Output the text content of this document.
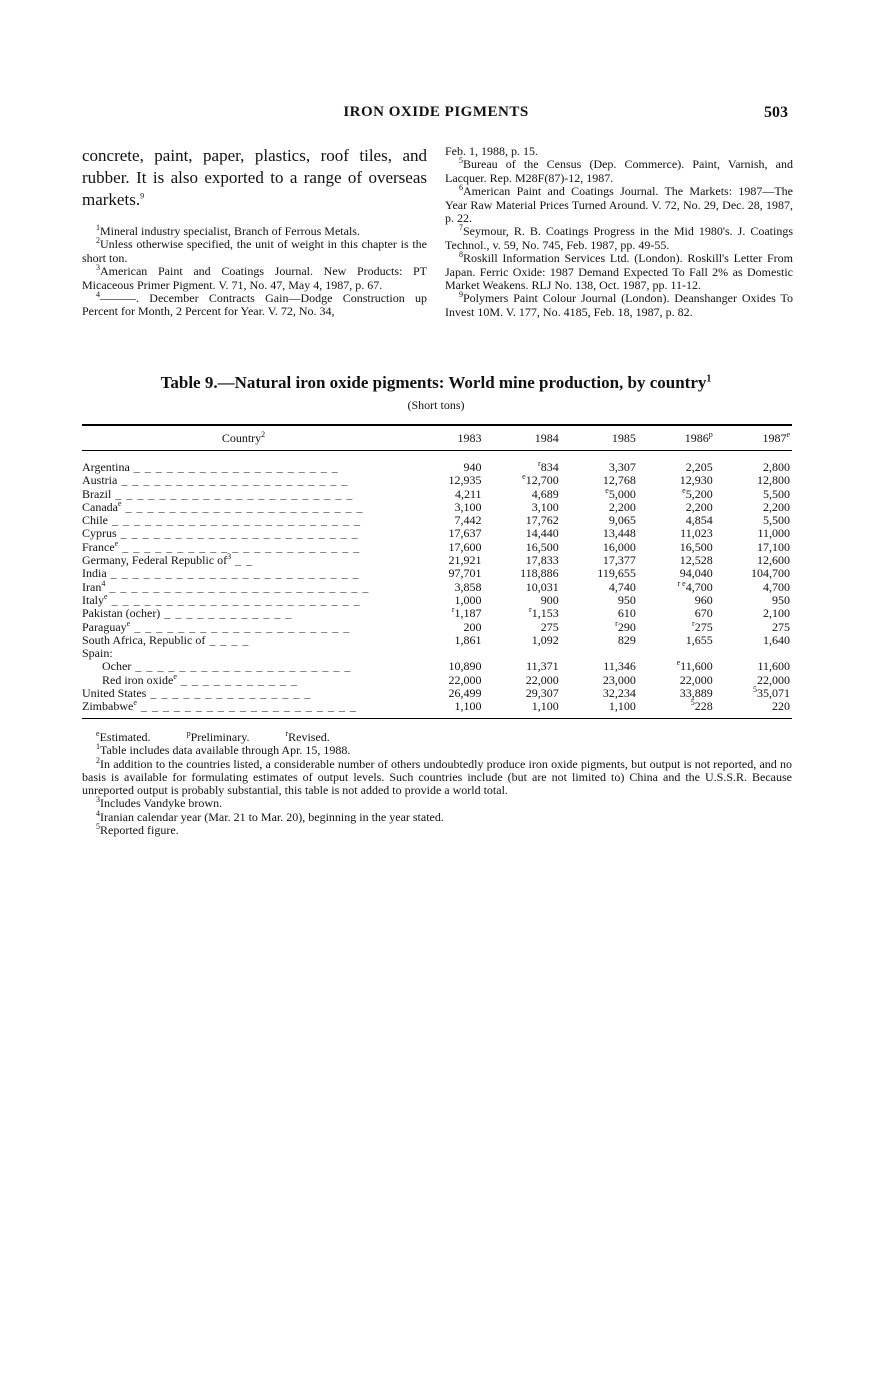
IRON OXIDE PIGMENTS	503

concrete, paint, paper, plastics, roof tiles, and rubber. It is also exported to a range of overseas markets.$^9$

$^1$Mineral industry specialist, Branch of Ferrous Metals.

$^2$Unless otherwise specified, the unit of weight in this chapter is the short ton.

$^3$American Paint and Coatings Journal. New Products: PT Micaceous Primer Pigment. V. 71, No. 47, May 4, 1987, p. 67.

$^4$———. December Contracts Gain—Dodge Construction up Percent for Month, 2 Percent for Year. V. 72, No. 34,

Feb. 1, 1988, p. 15.

$^5$Bureau of the Census (Dep. Commerce). Paint, Varnish, and Lacquer. Rep. M28F(87)-12, 1987.

$^6$American Paint and Coatings Journal. The Markets: 1987—The Year Raw Material Prices Turned Around. V. 72, No. 29, Dec. 28, 1987, p. 22.

$^7$Seymour, R. B. Coatings Progress in the Mid 1980's. J. Coatings Technol., v. 59, No. 745, Feb. 1987, pp. 49-55.

$^8$Roskill Information Services Ltd. (London). Roskill's Letter From Japan. Ferric Oxide: 1987 Demand Expected To Fall 2% as Domestic Market Weakens. RLJ No. 138, Oct. 1987, pp. 11-12.

$^9$Polymers Paint Colour Journal (London). Deanshanger Oxides To Invest 10M. V. 177, No. 4185, Feb. 18, 1987, p. 82.

Table 9.—Natural iron oxide pigments: World mine production, by country$^1$
(Short tons)
Country$^2$	1983	1984	1985	1986$^p$	1987e
Argentina _ _ _ _ _ _ _ _ _ _ _ _ _ _ _ _ _ _ _	940	$^r$834	3,307	2,205	2,800
Austria _ _ _ _ _ _ _ _ _ _ _ _ _ _ _ _ _ _ _ _ _	12,935	$^e$12,700	12,768	12,930	12,800
Brazil _ _ _ _ _ _ _ _ _ _ _ _ _ _ _ _ _ _ _ _ _ _	4,211	4,689	$^e$5,000	$^e$5,200	5,500
Canada$^e$ _ _ _ _ _ _ _ _ _ _ _ _ _ _ _ _ _ _ _ _ _ _	3,100	3,100	2,200	2,200	2,200
Chile _ _ _ _ _ _ _ _ _ _ _ _ _ _ _ _ _ _ _ _ _ _ _	7,442	17,762	9,065	4,854	5,500
Cyprus _ _ _ _ _ _ _ _ _ _ _ _ _ _ _ _ _ _ _ _ _ _	17,637	14,440	13,448	11,023	11,000
France$^e$ _ _ _ _ _ _ _ _ _ _ _ _ _ _ _ _ _ _ _ _ _ _	17,600	16,500	16,000	16,500	17,100
Germany, Federal Republic $of^3$ _ _	21,921	17,833	17,377	12,528	12,600
India _ _ _ _ _ _ _ _ _ _ _ _ _ _ _ _ _ _ _ _ _ _ _	97,701	118,886	119,655	94,040	104,700
Iran$^4$ _ _ _ _ _ _ _ _ _ _ _ _ _ _ _ _ _ _ _ _ _ _ _ _	3,858	10,031	4,740	$^{r e}$4,700	4,700
Italy$^e$ _ _ _ _ _ _ _ _ _ _ _ _ _ _ _ _ _ _ _ _ _ _ _	1,000	900	950	960	950
Pakistan (ocher) _ _ _ _ _ _ _ _ _ _ _ _	$^r$1,187	$^r$1,153	610	670	2,100
Paraguay$^e$ _ _ _ _ _ _ _ _ _ _ _ _ _ _ _ _ _ _ _ _	200	275	$^r$290	$^r$275	275
South Africa, Republic of _ _ _ _	1,861	1,092	829	1,655	1,640
Spain:					
Ocher _ _ _ _ _ _ _ _ _ _ _ _ _ _ _ _ _ _ _ _	10,890	11,371	11,346	$^e$11,600	11,600
Red iron oxide$^e$ _ _ _ _ _ _ _ _ _ _ _	22,000	22,000	23,000	22,000	22,000
United States _ _ _ _ _ _ _ _ _ _ _ _ _ _ _	26,499	29,307	32,234	33,889	$^5$35,071
Zimbabwe$^e$ _ _ _ _ _ _ _ _ _ _ _ _ _ _ _ _ _ _ _ _	1,100	1,100	1,100	$^5$228	220

$^e$Estimated.	$^p$Preliminary.	$^r$Revised.

$^1$Table includes data available through Apr. 15, 1988.

$^2$In addition to the countries listed, a considerable number of others undoubtedly produce iron oxide pigments, but output is not reported, and no basis is available for formulating estimates of output levels. Such countries include (but are not limited to) China and the U.S.S.R. Because unreported output is probably substantial, this table is not added to provide a world total.

$^3$Includes Vandyke brown.

$^4$Iranian calendar year (Mar. 21 to Mar. 20), beginning in the year stated.

$^5$Reported figure.
